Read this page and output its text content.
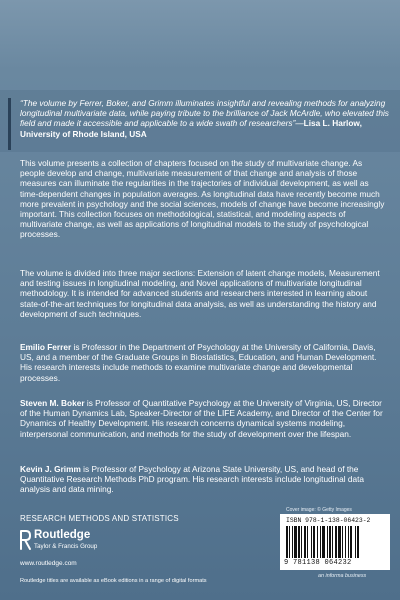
“The volume by Ferrer, Boker, and Grimm illuminates insightful and revealing methods for analyzing longitudinal multivariate data, while paying tribute to the brilliance of Jack McArdle, who elevated this field and made it accessible and applicable to a wide swath of researchers”—Lisa L. Harlow, University of Rhode Island, USA

This volume presents a collection of chapters focused on the study of multivariate change. As people develop and change, multivariate measurement of that change and analysis of those measures can illuminate the regularities in the trajectories of individual development, as well as time-dependent changes in population averages. As longitudinal data have recently become much more prevalent in psychology and the social sciences, models of change have become increasingly important. This collection focuses on methodological, statistical, and modeling aspects of multivariate change, as well as applications of longitudinal models to the study of psychological processes.

The volume is divided into three major sections: Extension of latent change models, Measurement and testing issues in longitudinal modeling, and Novel applications of multivariate longitudinal methodology. It is intended for advanced students and researchers interested in learning about state-of-the-art techniques for longitudinal data analysis, as well as understanding the history and development of such techniques.

Emilio Ferrer is Professor in the Department of Psychology at the University of California, Davis, US, and a member of the Graduate Groups in Biostatistics, Education, and Human Development. His research interests include methods to examine multivariate change and developmental processes.

Steven M. Boker is Professor of Quantitative Psychology at the University of Virginia, US, Director of the Human Dynamics Lab, Speaker-Director of the LIFE Academy, and Director of the Center for Dynamics of Healthy Development. His research concerns dynamical systems modeling, interpersonal communication, and methods for the study of development over the lifespan.

Kevin J. Grimm is Professor of Psychology at Arizona State University, US, and head of the Quantitative Research Methods PhD program. His research interests include longitudinal data analysis and data mining.

RESEARCH METHODS AND STATISTICS
Routledge
Taylor & Francis Group
www.routledge.com
Routledge titles are available as eBook editions in a range of digital formats
Cover image: © Getty Images
ISBN 978-1-138-06423-2
9 781138 064232
an informa business
